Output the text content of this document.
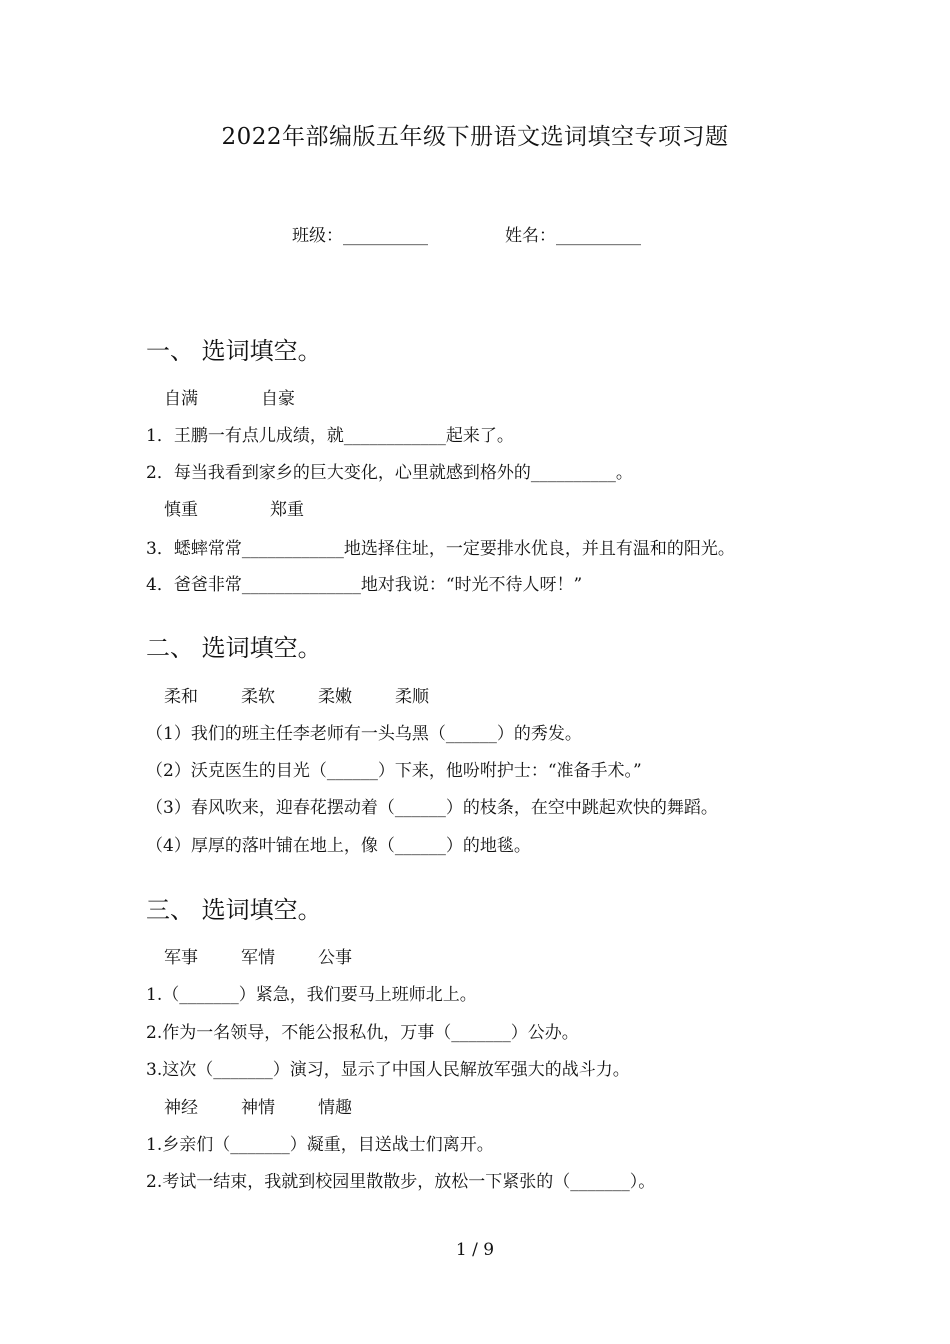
2022年部编版五年级下册语文选词填空专项习题
班级：__________	姓名：__________
一、 选词填空。
自满	自豪
1．王鹏一有点儿成绩，就____________起来了。
2．每当我看到家乡的巨大变化，心里就感到格外的__________。
慎重	郑重
3．蟋蟀常常____________地选择住址，一定要排水优良，并且有温和的阳光。
4．爸爸非常______________地对我说：“时光不待人呀！”
二、 选词填空。
柔和	柔软	柔嫩	柔顺
（1）我们的班主任李老师有一头乌黑（______）的秀发。
（2）沃克医生的目光（______）下来，他吩咐护士：“准备手术。”
（3）春风吹来，迎春花摆动着（______）的枝条，在空中跳起欢快的舞蹈。
（4）厚厚的落叶铺在地上，像（______）的地毯。
三、 选词填空。
军事	军情	公事
1.（_______）紧急，我们要马上班师北上。
2.作为一名领导，不能公报私仇，万事（_______）公办。
3.这次（_______）演习，显示了中国人民解放军强大的战斗力。
神经	神情	情趣
1.乡亲们（_______）凝重，目送战士们离开。
2.考试一结束，我就到校园里散散步，放松一下紧张的（_______）。
1 / 9
